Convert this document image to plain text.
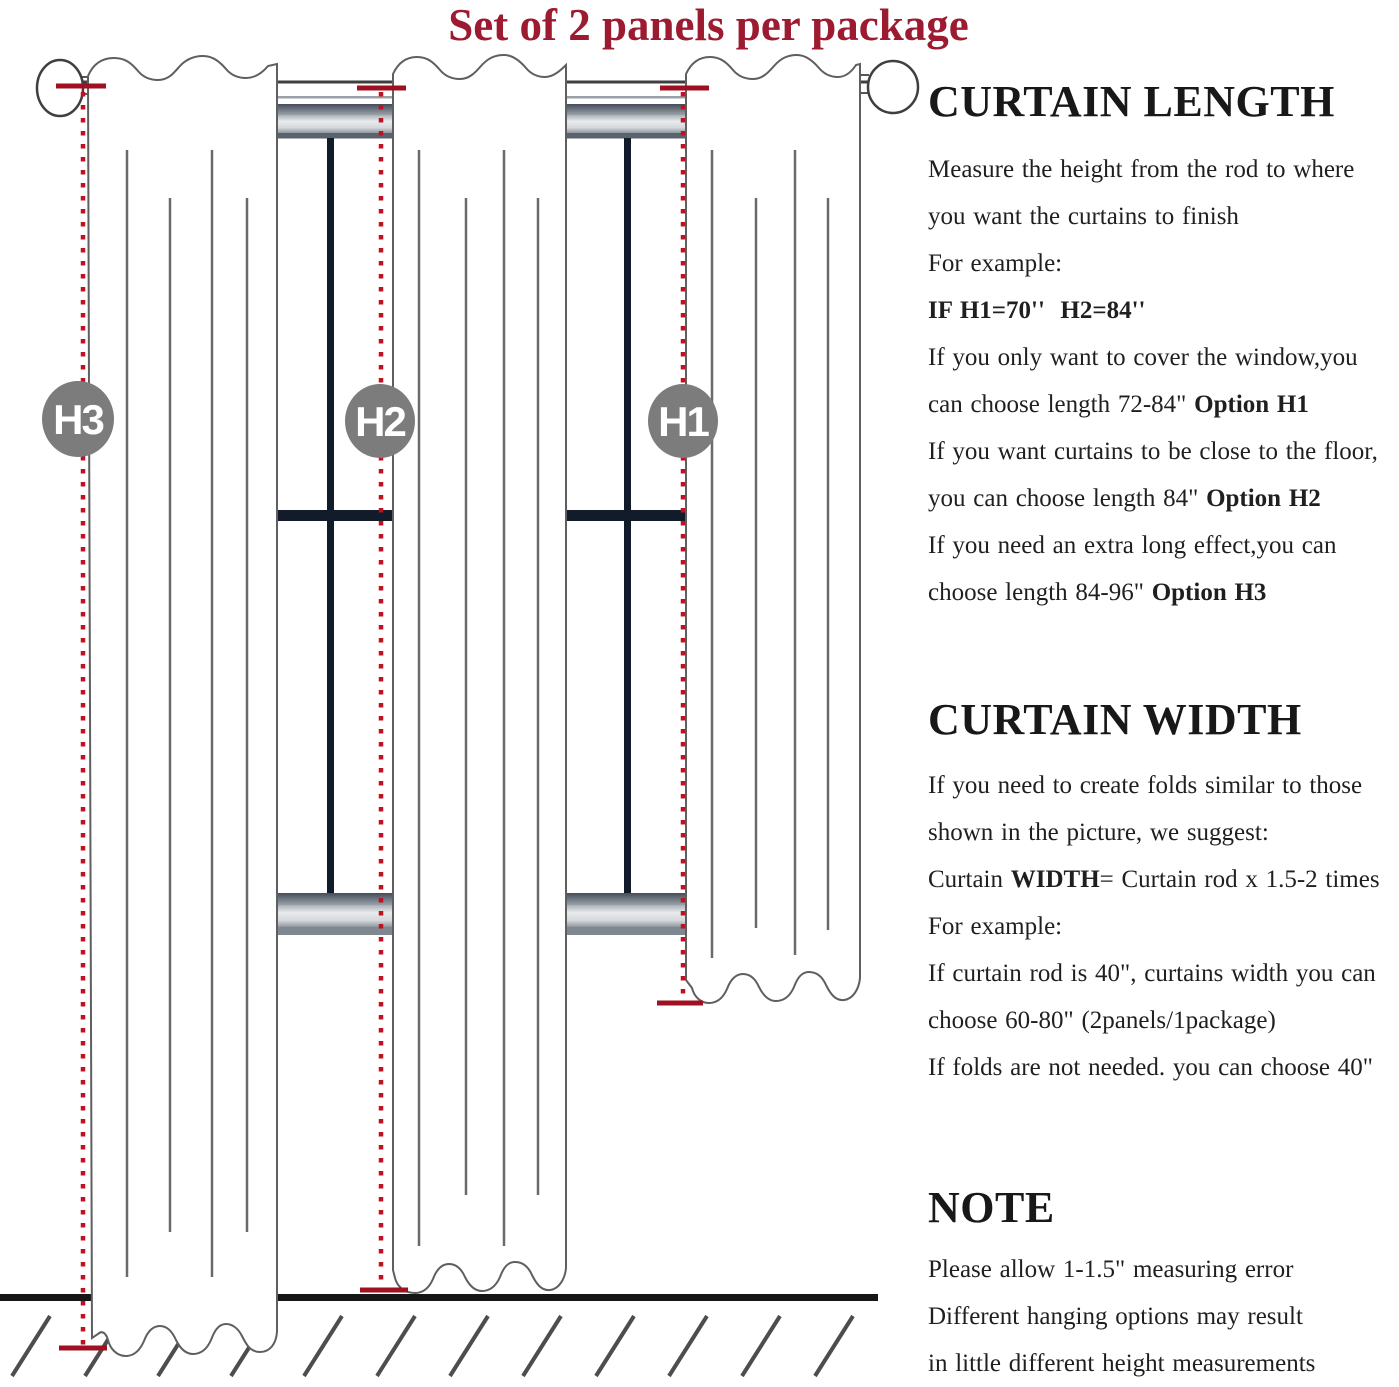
Set of 2 panels per package
H3	H2	H1
CURTAIN LENGTH
Measure the height from the rod to where
you want the curtains to finish
For example:
IF H1=70''  H2=84''
If you only want to cover the window,you
can choose length 72-84" Option H1
If you want curtains to be close to the floor,
you can choose length 84" Option H2
If you need an extra long effect,you can
choose length 84-96" Option H3
CURTAIN WIDTH
If you need to create folds similar to those
shown in the picture, we suggest:
Curtain WIDTH= Curtain rod x 1.5-2 times
For example:
If curtain rod is 40", curtains width you can
choose 60-80" (2panels/1package)
If folds are not needed. you can choose 40"
NOTE
Please allow 1-1.5" measuring error
Different hanging options may result
in little different height measurements
